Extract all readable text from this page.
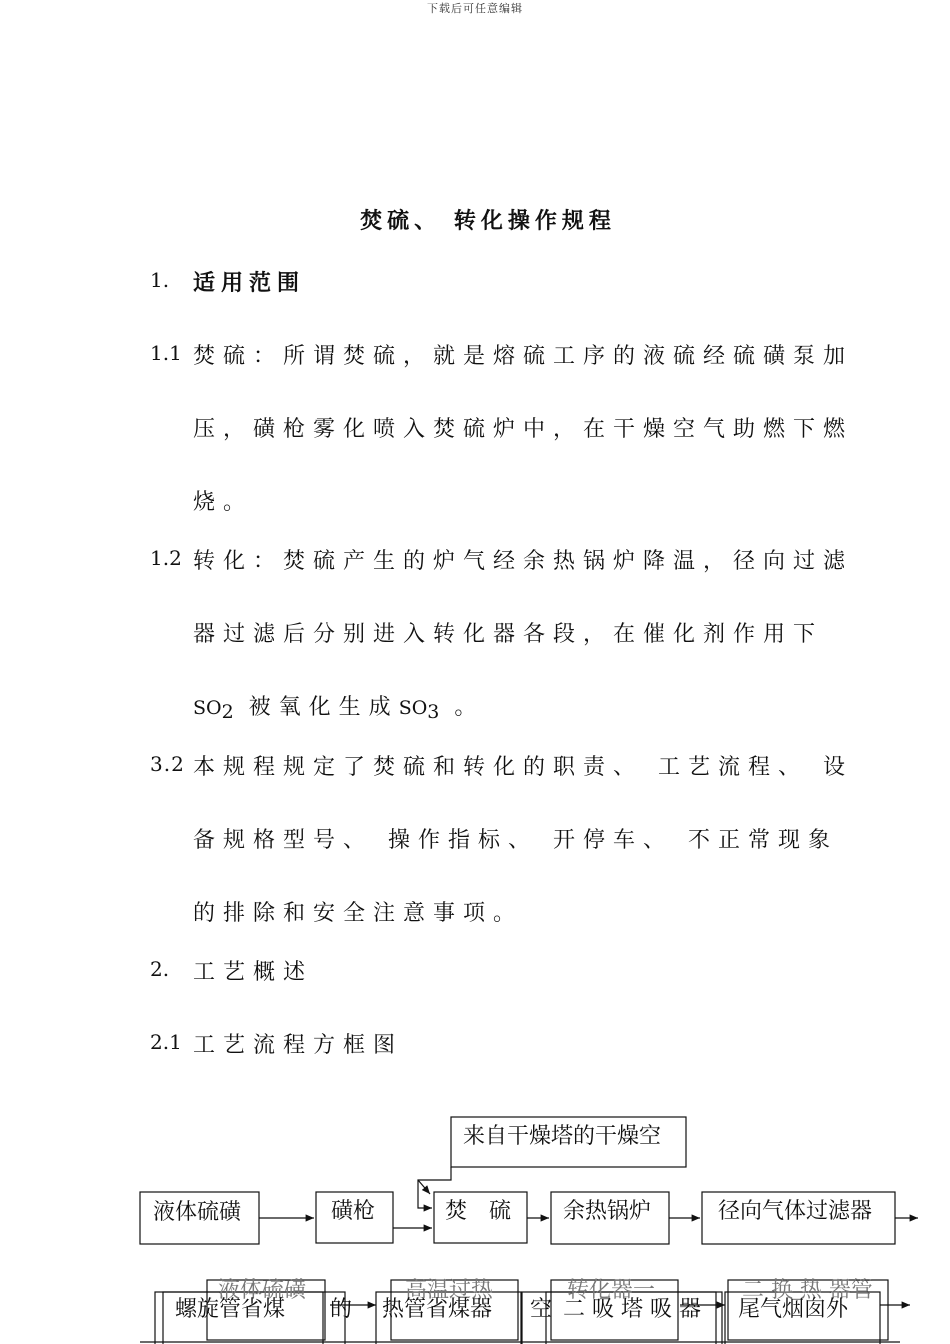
下载后可任意编辑
焚硫、 转化操作规程
1. 适用范围
1.1 焚硫：所谓焚硫，就是熔硫工序的液硫经硫磺泵加
压，磺枪雾化喷入焚硫炉中，在干燥空气助燃下燃
烧。
1.2 转化：焚硫产生的炉气经余热锅炉降温，径向过滤
器过滤后分别进入转化器各段，在催化剂作用下
SO2 被氧化生成SO3 。
3.2 本规程规定了焚硫和转化的职责、 工艺流程、 设
备规格型号、 操作指标、 开停车、 不正常现象
的排除和安全注意事项。
2. 工艺概述
2.1 工艺流程方框图
来自干燥塔的干燥空
液体硫磺	磺枪	焚　硫 余热锅炉	径向气体过滤器
液体硫磺	高温过热	转化器一	二 换 热 器管
螺旋管省煤 的 热管省煤器 空 二 吸 塔 吸 器 尾气烟囱外
